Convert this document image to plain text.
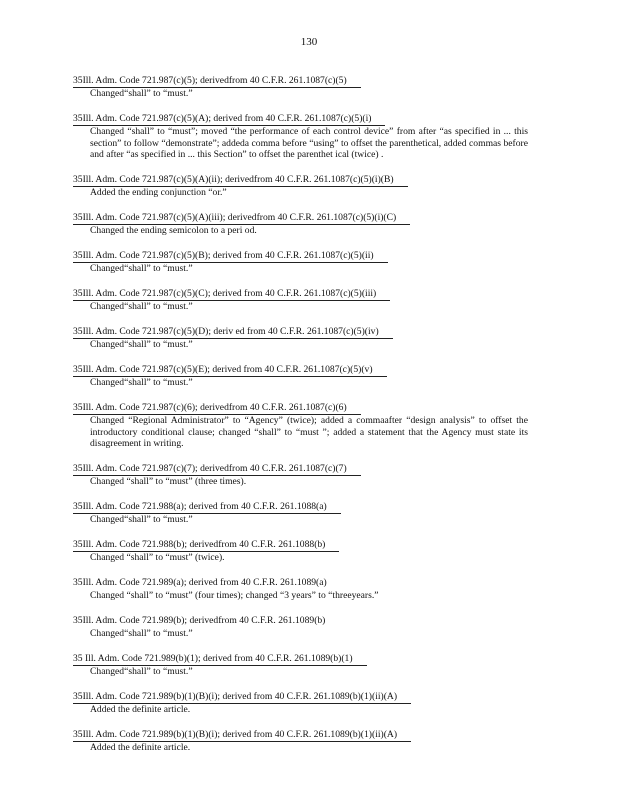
130
35Ill. Adm. Code 721.987(c)(5); derivedfrom 40 C.F.R. 261.1087(c)(5)
Changed“shall” to “must.”
35Ill. Adm. Code 721.987(c)(5)(A); derived from 40 C.F.R. 261.1087(c)(5)(i)
Changed “shall” to “must”; moved “the performance of each control device” from after “as specified in ... this section” to follow “demonstrate”; addeda comma before “using” to offset the parenthetical, added commas before and after “as specified in ... this Section” to offset the parenthet ical (twice) .
35Ill. Adm. Code 721.987(c)(5)(A)(ii); derivedfrom 40 C.F.R. 261.1087(c)(5)(i)(B)
Added the ending conjunction “or.”
35Ill. Adm. Code 721.987(c)(5)(A)(iii); derivedfrom 40 C.F.R. 261.1087(c)(5)(i)(C)
Changed the ending semicolon to a peri od.
35Ill. Adm. Code 721.987(c)(5)(B); derived from 40 C.F.R. 261.1087(c)(5)(ii)
Changed“shall” to “must.”
35Ill. Adm. Code 721.987(c)(5)(C); derived from 40 C.F.R. 261.1087(c)(5)(iii)
Changed“shall” to “must.”
35Ill. Adm. Code 721.987(c)(5)(D); deriv ed from 40 C.F.R. 261.1087(c)(5)(iv)
Changed“shall” to “must.”
35Ill. Adm. Code 721.987(c)(5)(E); derived from 40 C.F.R. 261.1087(c)(5)(v)
Changed“shall” to “must.”
35Ill. Adm. Code 721.987(c)(6); derivedfrom 40 C.F.R. 261.1087(c)(6)
Changed “Regional Administrator” to “Agency” (twice); added a commaafter “design analysis” to offset the introductory conditional clause; changed “shall” to “must ”; added a statement that the Agency must state its disagreement in writing.
35Ill. Adm. Code 721.987(c)(7); derivedfrom 40 C.F.R. 261.1087(c)(7)
Changed “shall” to “must” (three times).
35Ill. Adm. Code 721.988(a); derived from 40 C.F.R. 261.1088(a)
Changed“shall” to “must.”
35Ill. Adm. Code 721.988(b); derivedfrom 40 C.F.R. 261.1088(b)
Changed “shall” to “must” (twice).
35Ill. Adm. Code 721.989(a); derived from 40 C.F.R. 261.1089(a)
Changed “shall” to “must” (four times); changed “3 years” to “threeyears.”
35Ill. Adm. Code 721.989(b); derivedfrom 40 C.F.R. 261.1089(b)
Changed“shall” to “must.”
35 Ill. Adm. Code 721.989(b)(1); derived from 40 C.F.R. 261.1089(b)(1)
Changed“shall” to “must.”
35Ill. Adm. Code 721.989(b)(1)(B)(i); derived from 40 C.F.R. 261.1089(b)(1)(ii)(A)
Added the definite article.
35Ill. Adm. Code 721.989(b)(1)(B)(i); derived from 40 C.F.R. 261.1089(b)(1)(ii)(A)
Added the definite article.
